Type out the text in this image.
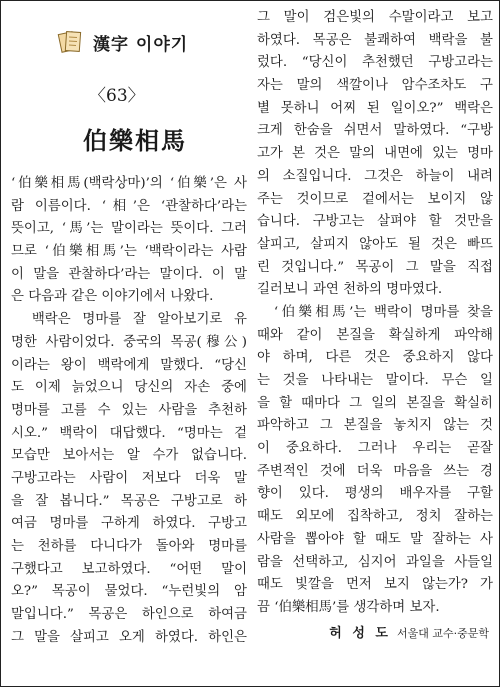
漢字 이야기
〈63〉
伯樂相馬
‘伯樂相馬(백락상마)’의 ‘伯樂’은 사
람 이름이다. ‘相’은 ‘관찰하다’라는
뜻이고, ‘馬’는 말이라는 뜻이다. 그러
므로 ‘伯樂相馬’는 ‘백락이라는 사람
이 말을 관찰하다’라는 말이다. 이 말
은 다음과 같은 이야기에서 나왔다.
　백락은 명마를 잘 알아보기로 유
명한 사람이었다. 중국의 목공(穆公)
이라는 왕이 백락에게 말했다. “당신
도 이제 늙었으니 당신의 자손 중에
명마를 고를 수 있는 사람을 추천하
시오.” 백락이 대답했다. “명마는 겉
모습만 보아서는 알 수가 없습니다.
구방고라는 사람이 저보다 더욱 말
을 잘 봅니다.” 목공은 구방고로 하
여금 명마를 구하게 하였다. 구방고
는 천하를 다니다가 돌아와 명마를
구했다고 보고하였다. “어떤 말이
오?” 목공이 물었다. “누런빛의 암
말입니다.” 목공은 하인으로 하여금
그 말을 살피고 오게 하였다. 하인은
그 말이 검은빛의 수말이라고 보고
하였다. 목공은 불쾌하여 백락을 불
렀다. “당신이 추천했던 구방고라는
자는 말의 색깔이나 암수조차도 구
별 못하니 어찌 된 일이오?” 백락은
크게 한숨을 쉬면서 말하였다. “구방
고가 본 것은 말의 내면에 있는 명마
의 소질입니다. 그것은 하늘이 내려
주는 것이므로 겉에서는 보이지 않
습니다. 구방고는 살펴야 할 것만을
살피고, 살피지 않아도 될 것은 빠뜨
린 것입니다.” 목공이 그 말을 직접
길러보니 과연 천하의 명마였다.
　‘伯樂相馬’는 백락이 명마를 찾을
때와 같이 본질을 확실하게 파악해
야 하며, 다른 것은 중요하지 않다
는 것을 나타내는 말이다. 무슨 일
을 할 때마다 그 일의 본질을 확실히
파악하고 그 본질을 놓치지 않는 것
이 중요하다. 그러나 우리는 곧잘
주변적인 것에 더욱 마음을 쓰는 경
향이 있다. 평생의 배우자를 구할
때도 외모에 집착하고, 정치 잘하는
사람을 뽑아야 할 때도 말 잘하는 사
람을 선택하고, 심지어 과일을 사들일
때도 빛깔을 먼저 보지 않는가? 가
끔 ‘伯樂相馬’를 생각하며 보자.
허 성 도 서울대 교수·중문학
